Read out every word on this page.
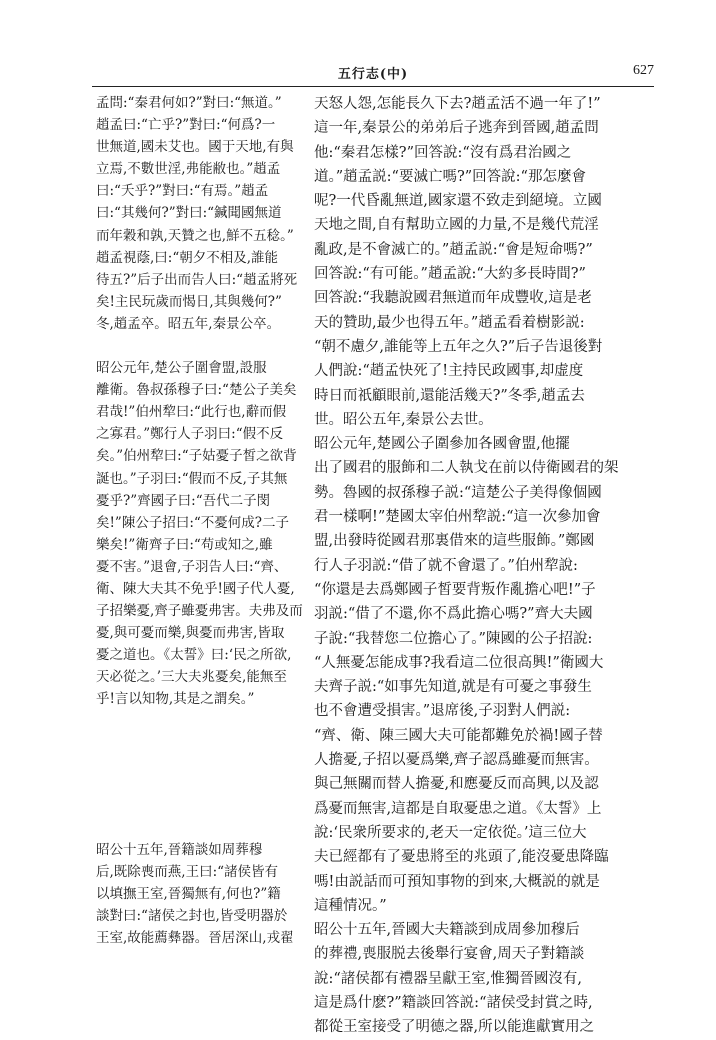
五行志(中)	627

孟問:“秦君何如?”對曰:“無道。”
趙孟曰:“亡乎?”對曰:“何爲?一
世無道,國未艾也。國于天地,有與
立焉,不數世淫,弗能敝也。”趙孟
曰:“夭乎?”對曰:“有焉。”趙孟
曰:“其幾何?”對曰:“鍼聞國無道
而年穀和孰,天贊之也,鮮不五稔。”
趙孟視蔭,曰:“朝夕不相及,誰能
待五?”后子出而告人曰:“趙孟將死
矣!主民玩歲而愒日,其與幾何?”
冬,趙孟卒。昭五年,秦景公卒。

昭公元年,楚公子圍會盟,設服
離衛。魯叔孫穆子曰:“楚公子美矣
君哉!”伯州犂曰:“此行也,辭而假
之寡君。”鄭行人子羽曰:“假不反
矣。”伯州犂曰:“子姑憂子皙之欲背
誕也。”子羽曰:“假而不反,子其無
憂乎?”齊國子曰:“吾代二子閔
矣!”陳公子招曰:“不憂何成?二子
樂矣!”衛齊子曰:“苟或知之,雖
憂不害。”退會,子羽告人曰:“齊、
衛、陳大夫其不免乎!國子代人憂,
子招樂憂,齊子雖憂弗害。夫弗及而
憂,與可憂而樂,與憂而弗害,皆取
憂之道也。《太誓》曰:‘民之所欲,
天必從之。’三大夫兆憂矣,能無至
乎!言以知物,其是之謂矣。”

昭公十五年,晉籍談如周葬穆
后,既除喪而燕,王曰:“諸侯皆有
以填撫王室,晉獨無有,何也?”籍
談對曰:“諸侯之封也,皆受明器於
王室,故能薦彝器。晉居深山,戎翟

天怒人怨,怎能長久下去?趙孟活不過一年了!”
這一年,秦景公的弟弟后子逃奔到晉國,趙孟問
他:“秦君怎樣?”回答說:“沒有爲君治國之
道。”趙孟説:“要滅亡嗎?”回答說:“那怎麼會
呢?一代昏亂無道,國家還不致走到絕境。立國
天地之間,自有幫助立國的力量,不是幾代荒淫
亂政,是不會滅亡的。”趙孟説:“會是短命嗎?”
回答說:“有可能。”趙孟說:“大約多長時間?”
回答說:“我聽說國君無道而年成豐收,這是老
天的贊助,最少也得五年。”趙孟看着樹影説:
“朝不慮夕,誰能等上五年之久?”后子告退後對
人們說:“趙孟快死了!主持民政國事,却虚度
時日而祇顧眼前,還能活幾天?”冬季,趙孟去
世。昭公五年,秦景公去世。

昭公元年,楚國公子圍參加各國會盟,他擺
出了國君的服飾和二人執戈在前以侍衛國君的架
勢。魯國的叔孫穆子説:“這楚公子美得像個國
君一樣啊!”楚國太宰伯州犂説:“這一次參加會
盟,出發時從國君那裏借來的這些服飾。”鄭國
行人子羽説:“借了就不會還了。”伯州犂說:
“你還是去爲鄭國子皙要背叛作亂擔心吧!”子
羽説:“借了不還,你不爲此擔心嗎?”齊大夫國
子說:“我替您二位擔心了。”陳國的公子招說:
“人無憂怎能成事?我看這二位很高興!”衛國大
夫齊子説:“如事先知道,就是有可憂之事發生
也不會遭受損害。”退席後,子羽對人們説:
“齊、衛、陳三國大夫可能都難免於禍!國子替
人擔憂,子招以憂爲樂,齊子認爲雖憂而無害。
與己無關而替人擔憂,和應憂反而高興,以及認
爲憂而無害,這都是自取憂患之道。《太誓》上
說:‘民衆所要求的,老天一定依從。’這三位大
夫已經都有了憂患將至的兆頭了,能沒憂患降臨
嗎!由説話而可預知事物的到來,大概説的就是
這種情况。”

昭公十五年,晉國大夫籍談到成周參加穆后
的葬禮,喪服脱去後舉行宴會,周天子對籍談
說:“諸侯都有禮器呈獻王室,惟獨晉國沒有,
這是爲什麽?”籍談回答説:“諸侯受封賞之時,
都從王室接受了明德之器,所以能進獻實用之
